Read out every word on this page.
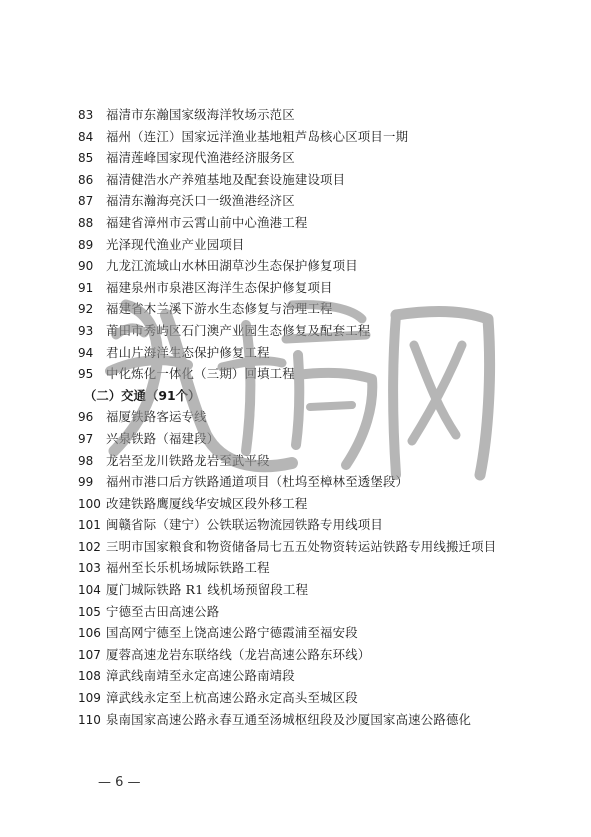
83 福清市东瀚国家级海洋牧场示范区
84 福州（连江）国家远洋渔业基地粗芦岛核心区项目一期
85 福清莲峰国家现代渔港经济服务区
86 福清健浩水产养殖基地及配套设施建设项目
87 福清东瀚海亮沃口一级渔港经济区
88 福建省漳州市云霄山前中心渔港工程
89 光泽现代渔业产业园项目
90 九龙江流域山水林田湖草沙生态保护修复项目
91 福建泉州市泉港区海洋生态保护修复项目
92 福建省木兰溪下游水生态修复与治理工程
93 莆田市秀屿区石门澳产业园生态修复及配套工程
94 君山片海洋生态保护修复工程
95 中化炼化一体化（三期）回填工程
（二）交通（91个）
96 福厦铁路客运专线
97 兴泉铁路（福建段）
98 龙岩至龙川铁路龙岩至武平段
99 福州市港口后方铁路通道项目（杜坞至樟林至透堡段）
100 改建铁路鹰厦线华安城区段外移工程
101 闽赣省际（建宁）公铁联运物流园铁路专用线项目
102 三明市国家粮食和物资储备局七五五处物资转运站铁路专用线搬迁项目
103 福州至长乐机场城际铁路工程
104 厦门城际铁路 R1 线机场预留段工程
105 宁德至古田高速公路
106 国高网宁德至上饶高速公路宁德霞浦至福安段
107 厦蓉高速龙岩东联络线（龙岩高速公路东环线）
108 漳武线南靖至永定高速公路南靖段
109 漳武线永定至上杭高速公路永定高头至城区段
110 泉南国家高速公路永春互通至汤城枢纽段及沙厦国家高速公路德化
— 6 —
